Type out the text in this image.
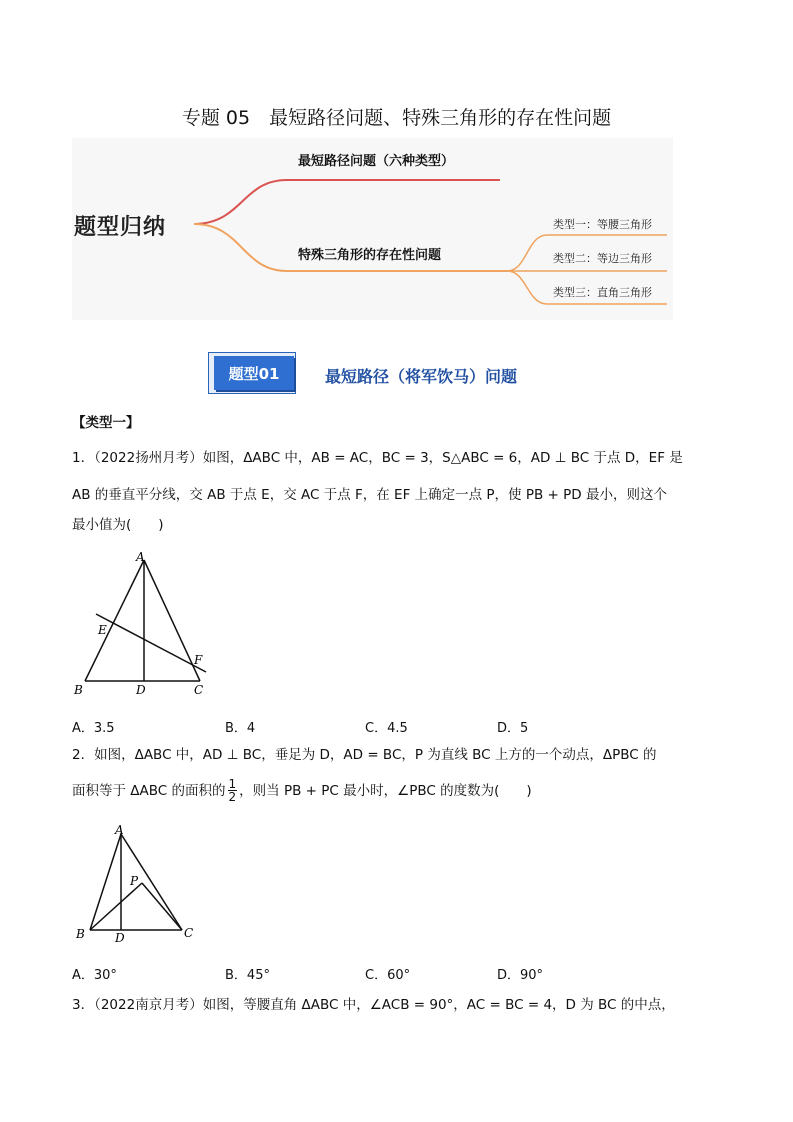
专题 05　最短路径问题、特殊三角形的存在性问题
题型归纳
最短路径问题（六种类型）
特殊三角形的存在性问题
类型一：等腰三角形
类型二：等边三角形
类型三：直角三角形
题型01	最短路径（将军饮马）问题
【类型一】
1．（2022扬州月考）如图，ΔABC 中，AB = AC，BC = 3，S△ABC = 6，AD ⊥ BC 于点 D，EF 是
AB 的垂直平分线，交 AB 于点 E，交 AC 于点 F，在 EF 上确定一点 P，使 PB + PD 最小，则这个
最小值为(　　)
A
E
F
B	D	C
A．3.5	B．4	C．4.5	D．5
2．如图，ΔABC 中，AD ⊥ BC，垂足为 D，AD = BC，P 为直线 BC 上方的一个动点，ΔPBC 的
面积等于 ΔABC 的面积的 $\frac{1}{2}$ ，则当 PB + PC 最小时，∠PBC 的度数为(　　)
A
P
B	D	C
A．30°	B．45°	C．60°	D．90°
3．（2022南京月考）如图，等腰直角 ΔABC 中，∠ACB = 90°，AC = BC = 4，D 为 BC 的中点，
